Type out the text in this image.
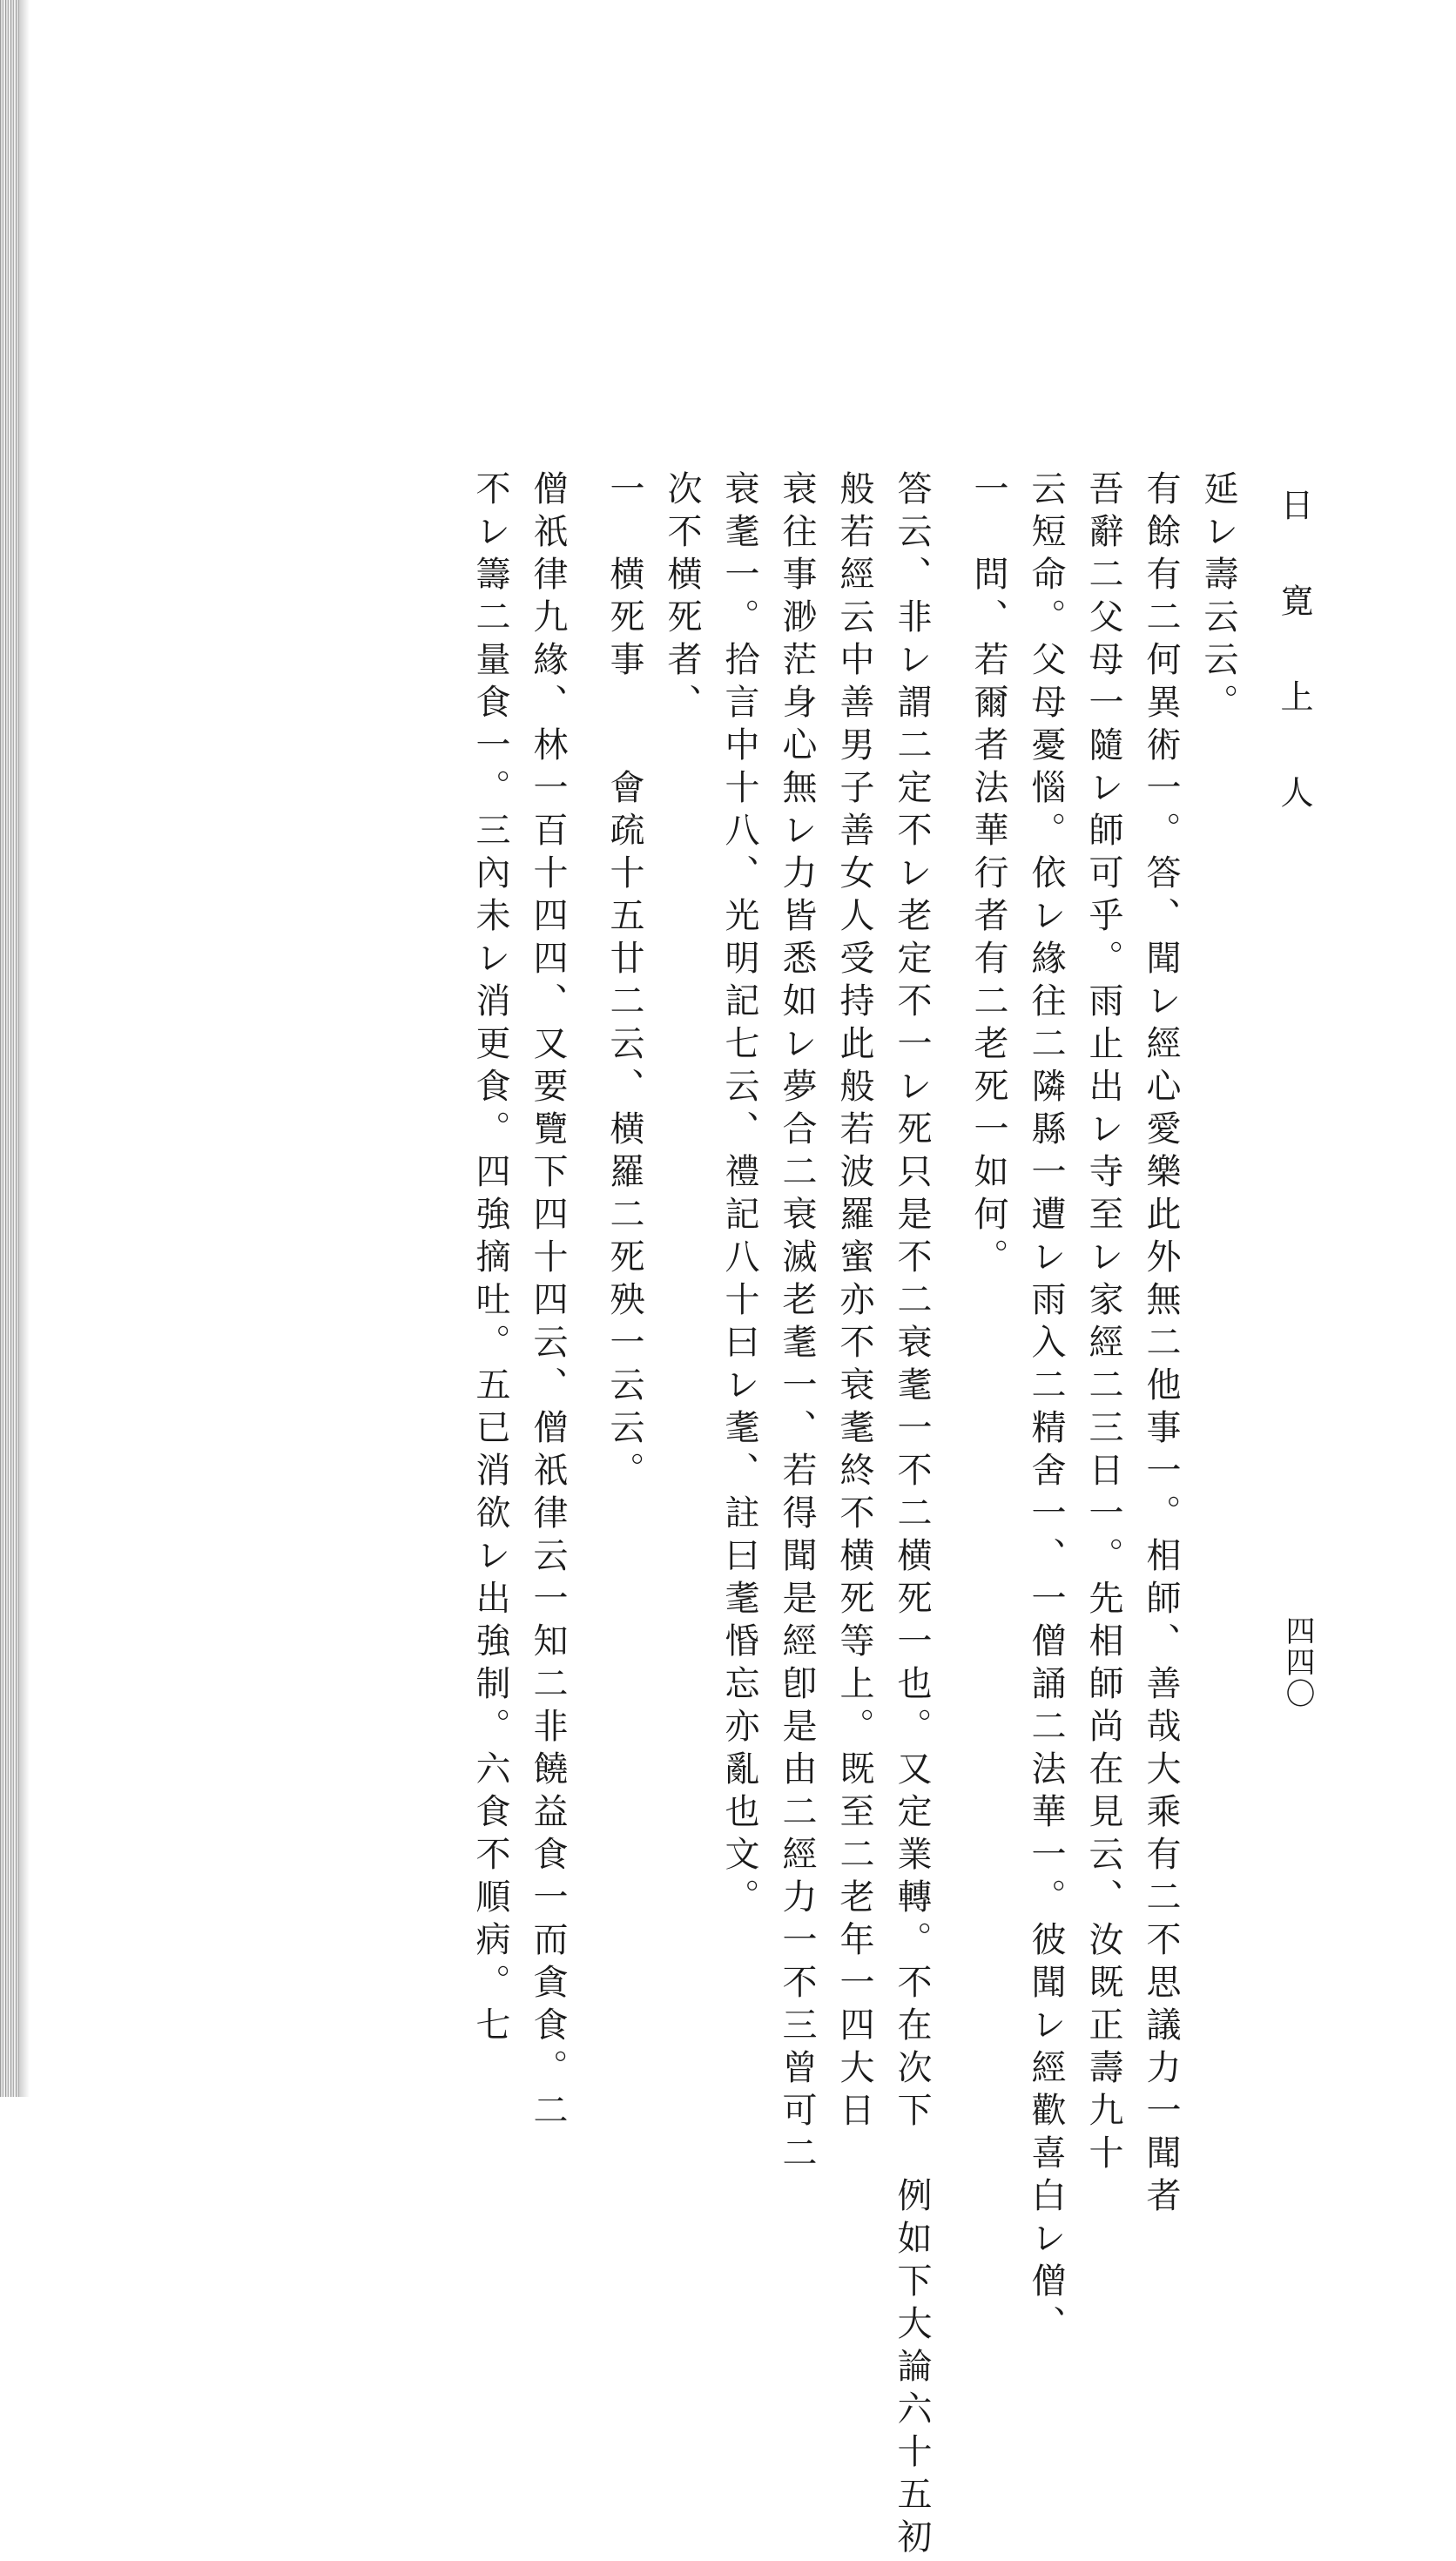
日 寛 上 人
四四〇
延レ壽云云。
有餘有二何異術一。答、聞レ經心愛樂此外無二他事一。相師、善哉大乘有二不思議力一聞者
吾辭二父母一隨レ師可乎。雨止出レ寺至レ家經二三日一。先相師尚在見云、汝既正壽九十
云短命。父母憂惱。依レ緣往二隣縣一遭レ雨入二精舍一、一僧誦二法華一。彼聞レ經歡喜白レ僧、
一　問、若爾者法華行者有二老死一如何。
答云、非レ謂二定不レ老定不一レ死只是不二衰耄一不二横死一也。又定業轉。不在次下　例如下大論六十五初
般若經云中善男子善女人受持此般若波羅蜜亦不衰耄終不横死等上。既至二老年一四大日
衰往事渺茫身心無レ力皆悉如レ夢合二衰滅老耄一、若得聞是經卽是由二經力一不三曾可二
衰耄一。拾言中十八、光明記七云、禮記八十曰レ耄、註曰耄惛忘亦亂也文。
次不横死者、
一　横死事　　會疏十五廿二云、横羅二死殃一云云。
僧祇律九緣、林一百十四四、又要覽下四十四云、僧祇律云一知二非饒益食一而貪食。二
不レ籌二量食一。三內未レ消更食。四強摘吐。五已消欲レ出強制。六食不順病。七
